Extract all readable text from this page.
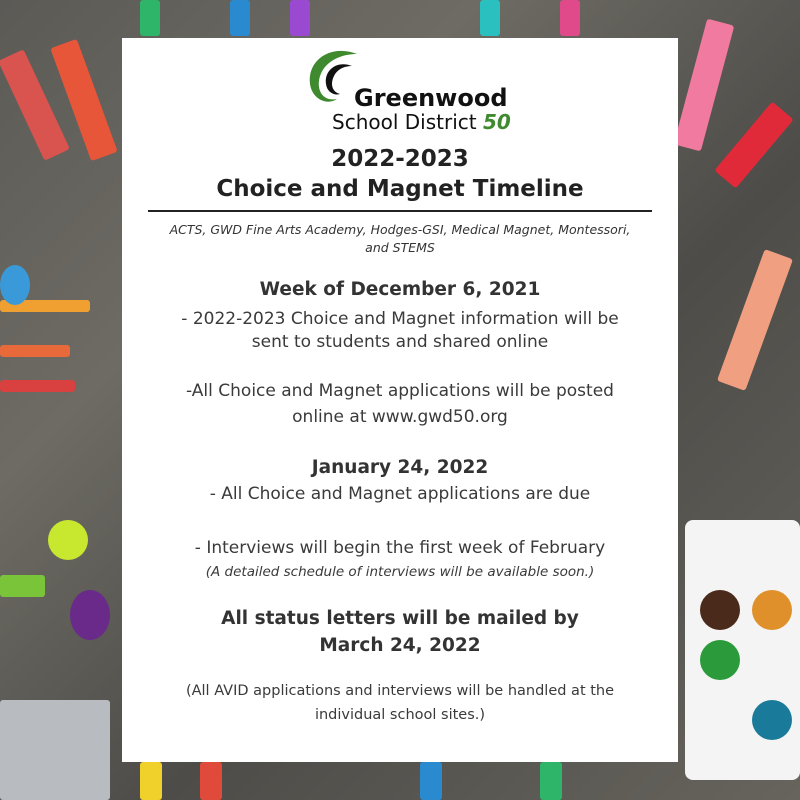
Greenwood
School District 50
2022-2023
Choice and Magnet Timeline
ACTS, GWD Fine Arts Academy, Hodges-GSI, Medical Magnet, Montessori,
and STEMS
Week of December 6, 2021
- 2022-2023 Choice and Magnet information will be
sent to students and shared online
-All Choice and Magnet applications will be posted
online at www.gwd50.org
January 24, 2022
- All Choice and Magnet applications are due
- Interviews will begin the first week of February
(A detailed schedule of interviews will be available soon.)
All status letters will be mailed by
March 24, 2022
(All AVID applications and interviews will be handled at the
individual school sites.)
